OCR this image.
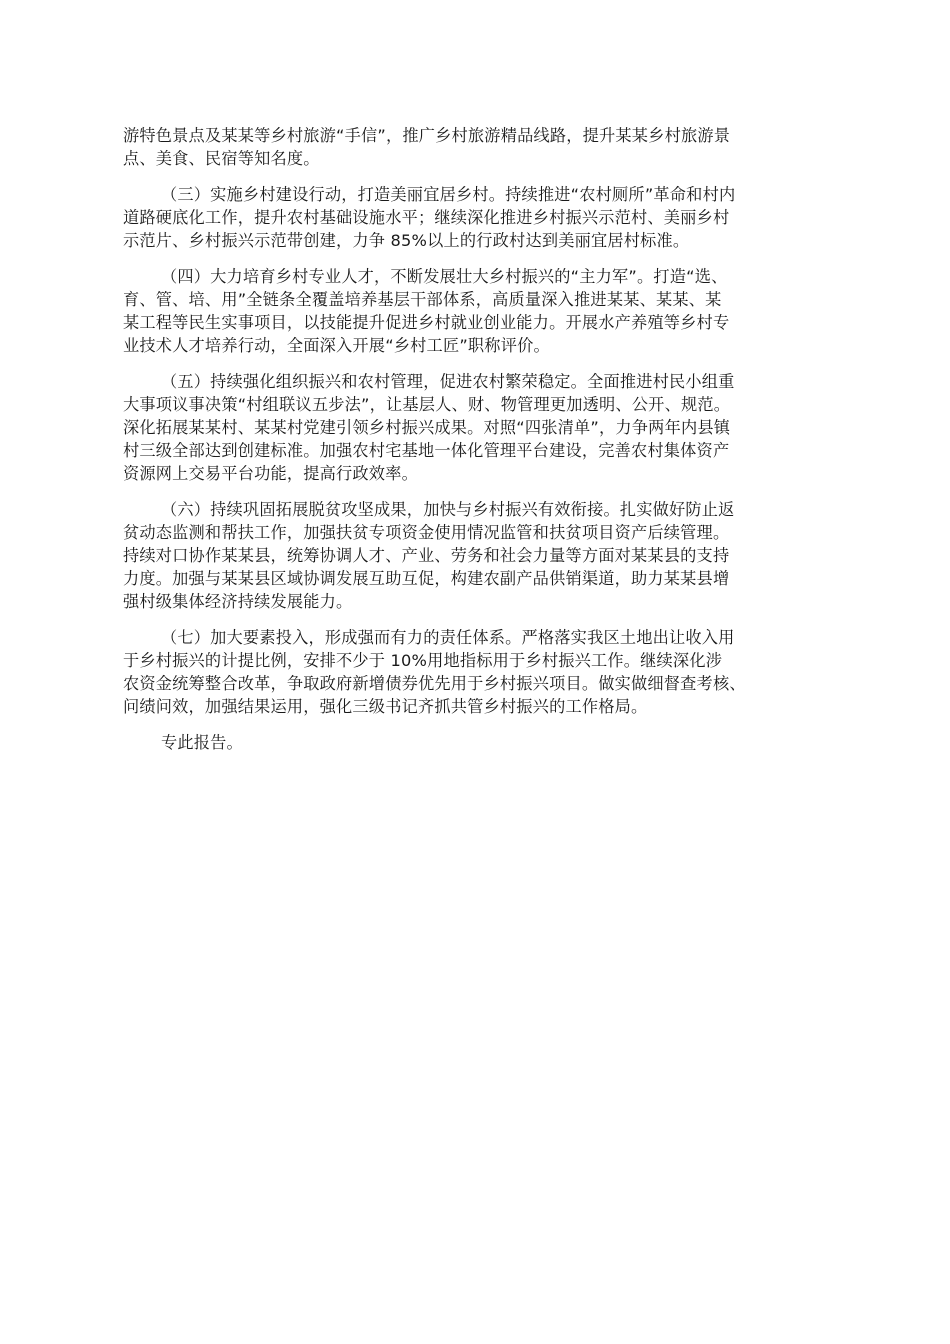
游特色景点及某某等乡村旅游“手信”，推广乡村旅游精品线路，提升某某乡村旅游景
点、美食、民宿等知名度。

（三）实施乡村建设行动，打造美丽宜居乡村。持续推进“农村厕所”革命和村内
道路硬底化工作，提升农村基础设施水平；继续深化推进乡村振兴示范村、美丽乡村
示范片、乡村振兴示范带创建，力争 85%以上的行政村达到美丽宜居村标准。

（四）大力培育乡村专业人才，不断发展壮大乡村振兴的“主力军”。打造“选、
育、管、培、用”全链条全覆盖培养基层干部体系，高质量深入推进某某、某某、某
某工程等民生实事项目，以技能提升促进乡村就业创业能力。开展水产养殖等乡村专
业技术人才培养行动，全面深入开展“乡村工匠”职称评价。

（五）持续强化组织振兴和农村管理，促进农村繁荣稳定。全面推进村民小组重
大事项议事决策“村组联议五步法”，让基层人、财、物管理更加透明、公开、规范。
深化拓展某某村、某某村党建引领乡村振兴成果。对照“四张清单”，力争两年内县镇
村三级全部达到创建标准。加强农村宅基地一体化管理平台建设，完善农村集体资产
资源网上交易平台功能，提高行政效率。

（六）持续巩固拓展脱贫攻坚成果，加快与乡村振兴有效衔接。扎实做好防止返
贫动态监测和帮扶工作，加强扶贫专项资金使用情况监管和扶贫项目资产后续管理。
持续对口协作某某县，统筹协调人才、产业、劳务和社会力量等方面对某某县的支持
力度。加强与某某县区域协调发展互助互促，构建农副产品供销渠道，助力某某县增
强村级集体经济持续发展能力。

（七）加大要素投入，形成强而有力的责任体系。严格落实我区土地出让收入用
于乡村振兴的计提比例，安排不少于 10%用地指标用于乡村振兴工作。继续深化涉
农资金统筹整合改革，争取政府新增债券优先用于乡村振兴项目。做实做细督查考核、
问绩问效，加强结果运用，强化三级书记齐抓共管乡村振兴的工作格局。

专此报告。
